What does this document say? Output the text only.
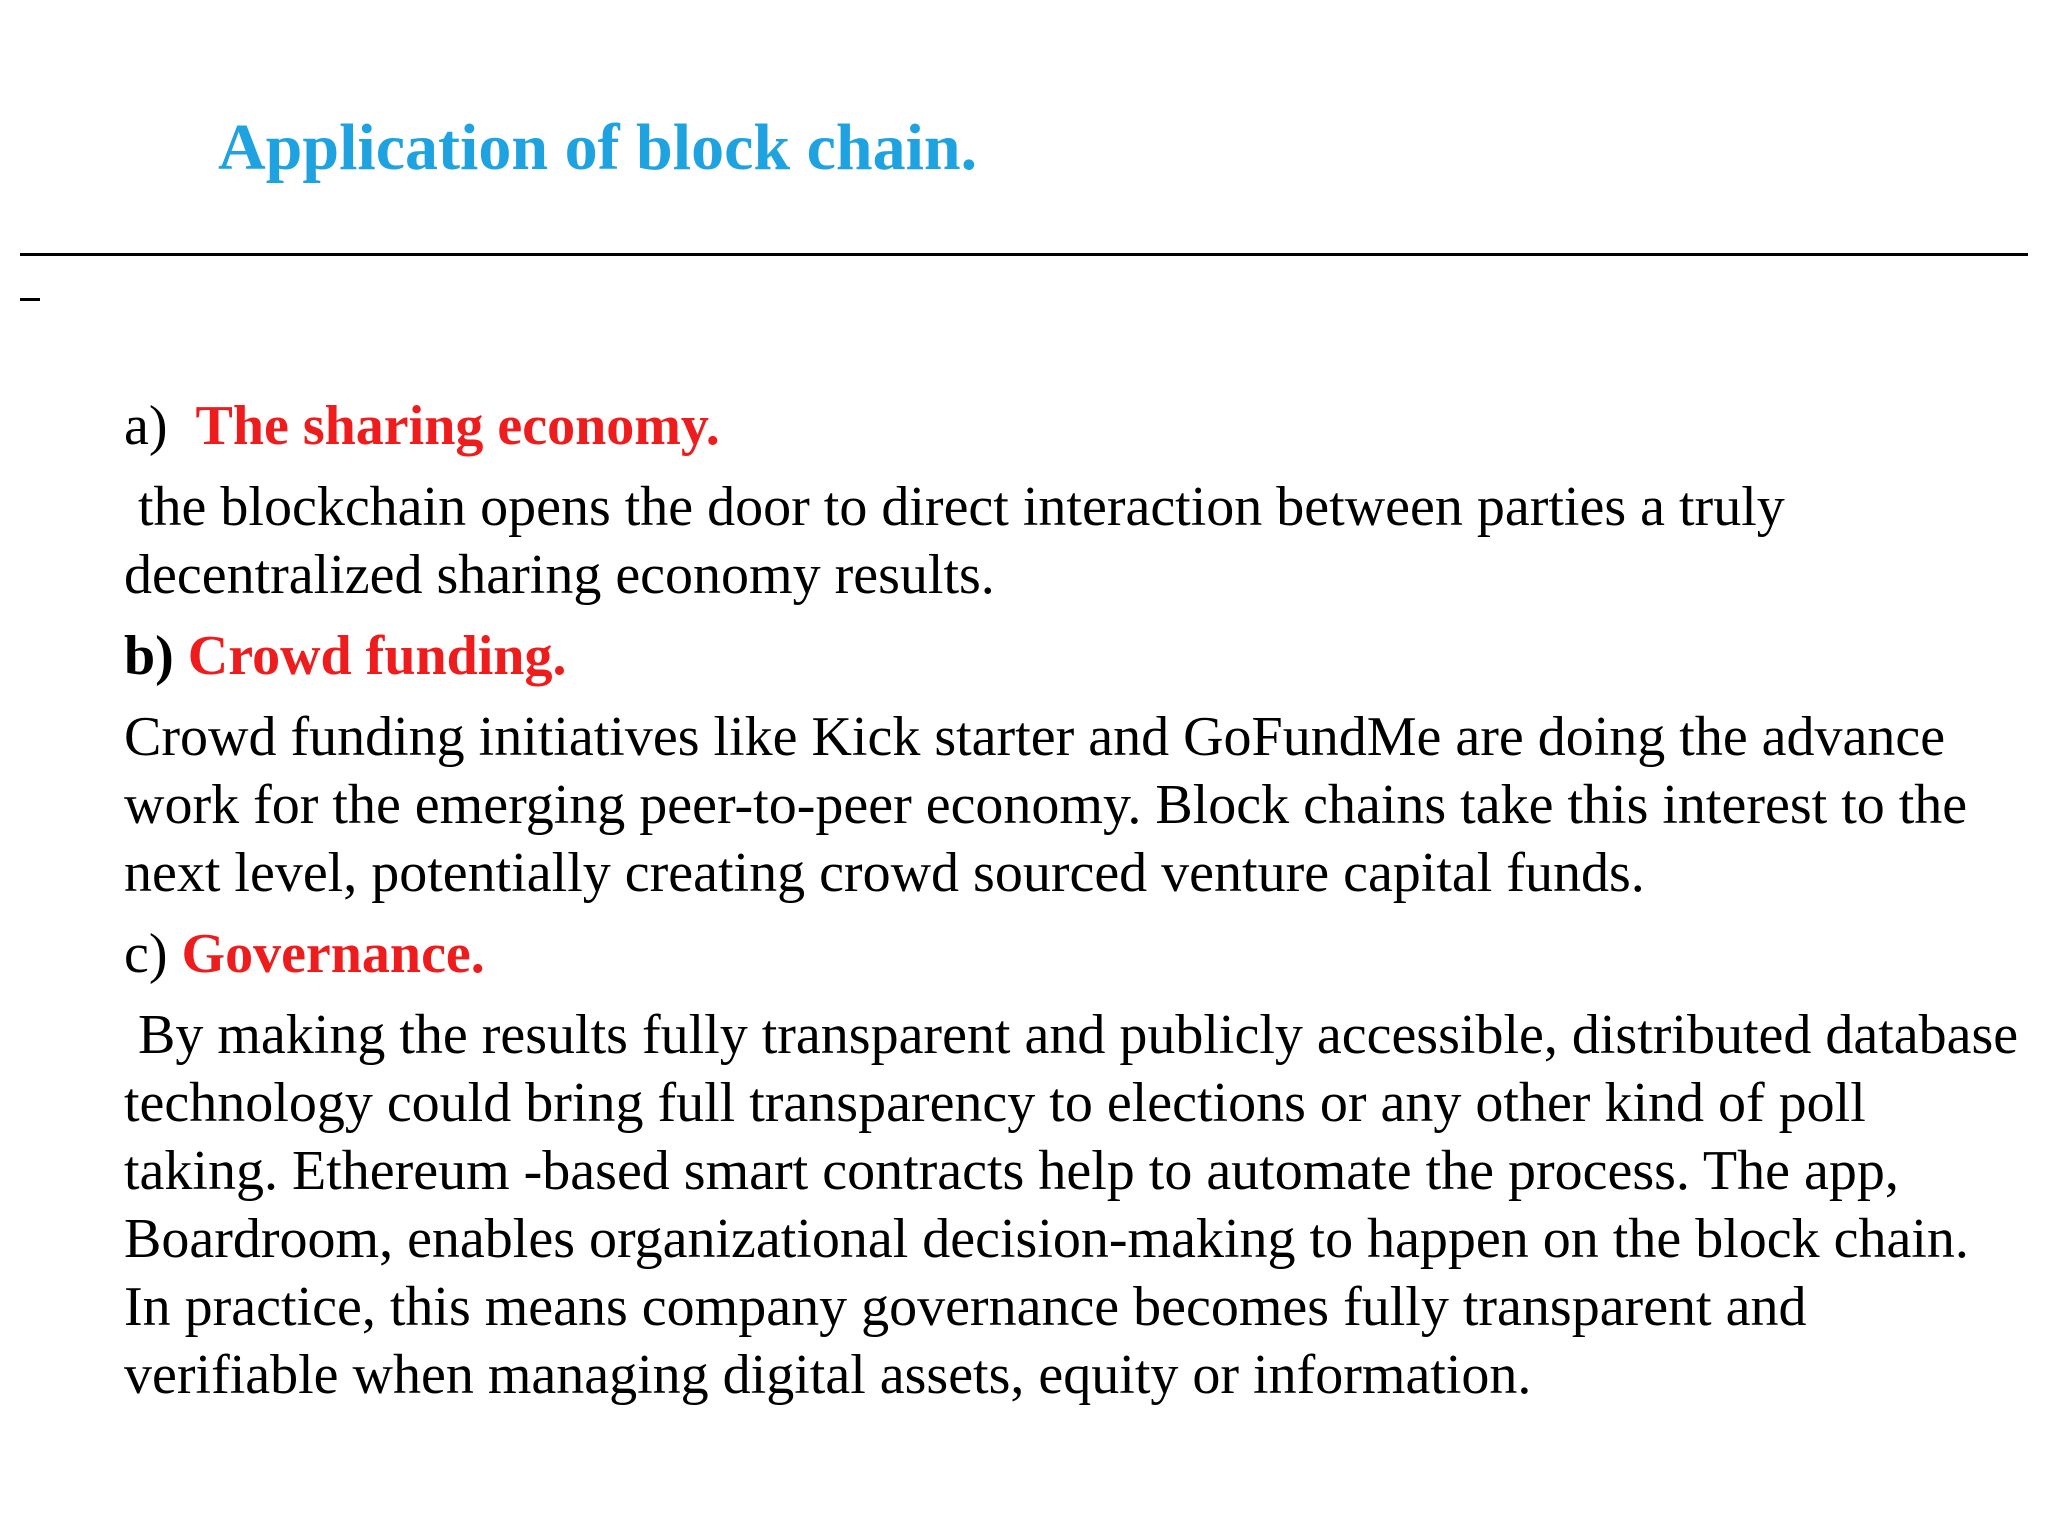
Application of block chain.

a)  The sharing economy.

the blockchain opens the door to direct interaction between parties a truly decentralized sharing economy results.

b) Crowd funding.

Crowd funding initiatives like Kick starter and GoFundMe are doing the advance work for the emerging peer-to-peer economy. Block chains take this interest to the next level, potentially creating crowd sourced venture capital funds.

c) Governance.

By making the results fully transparent and publicly accessible, distributed database technology could bring full transparency to elections or any other kind of poll taking. Ethereum -based smart contracts help to automate the process. The app, Boardroom, enables organizational decision-making to happen on the block chain. In practice, this means company governance becomes fully transparent and verifiable when managing digital assets, equity or information.
